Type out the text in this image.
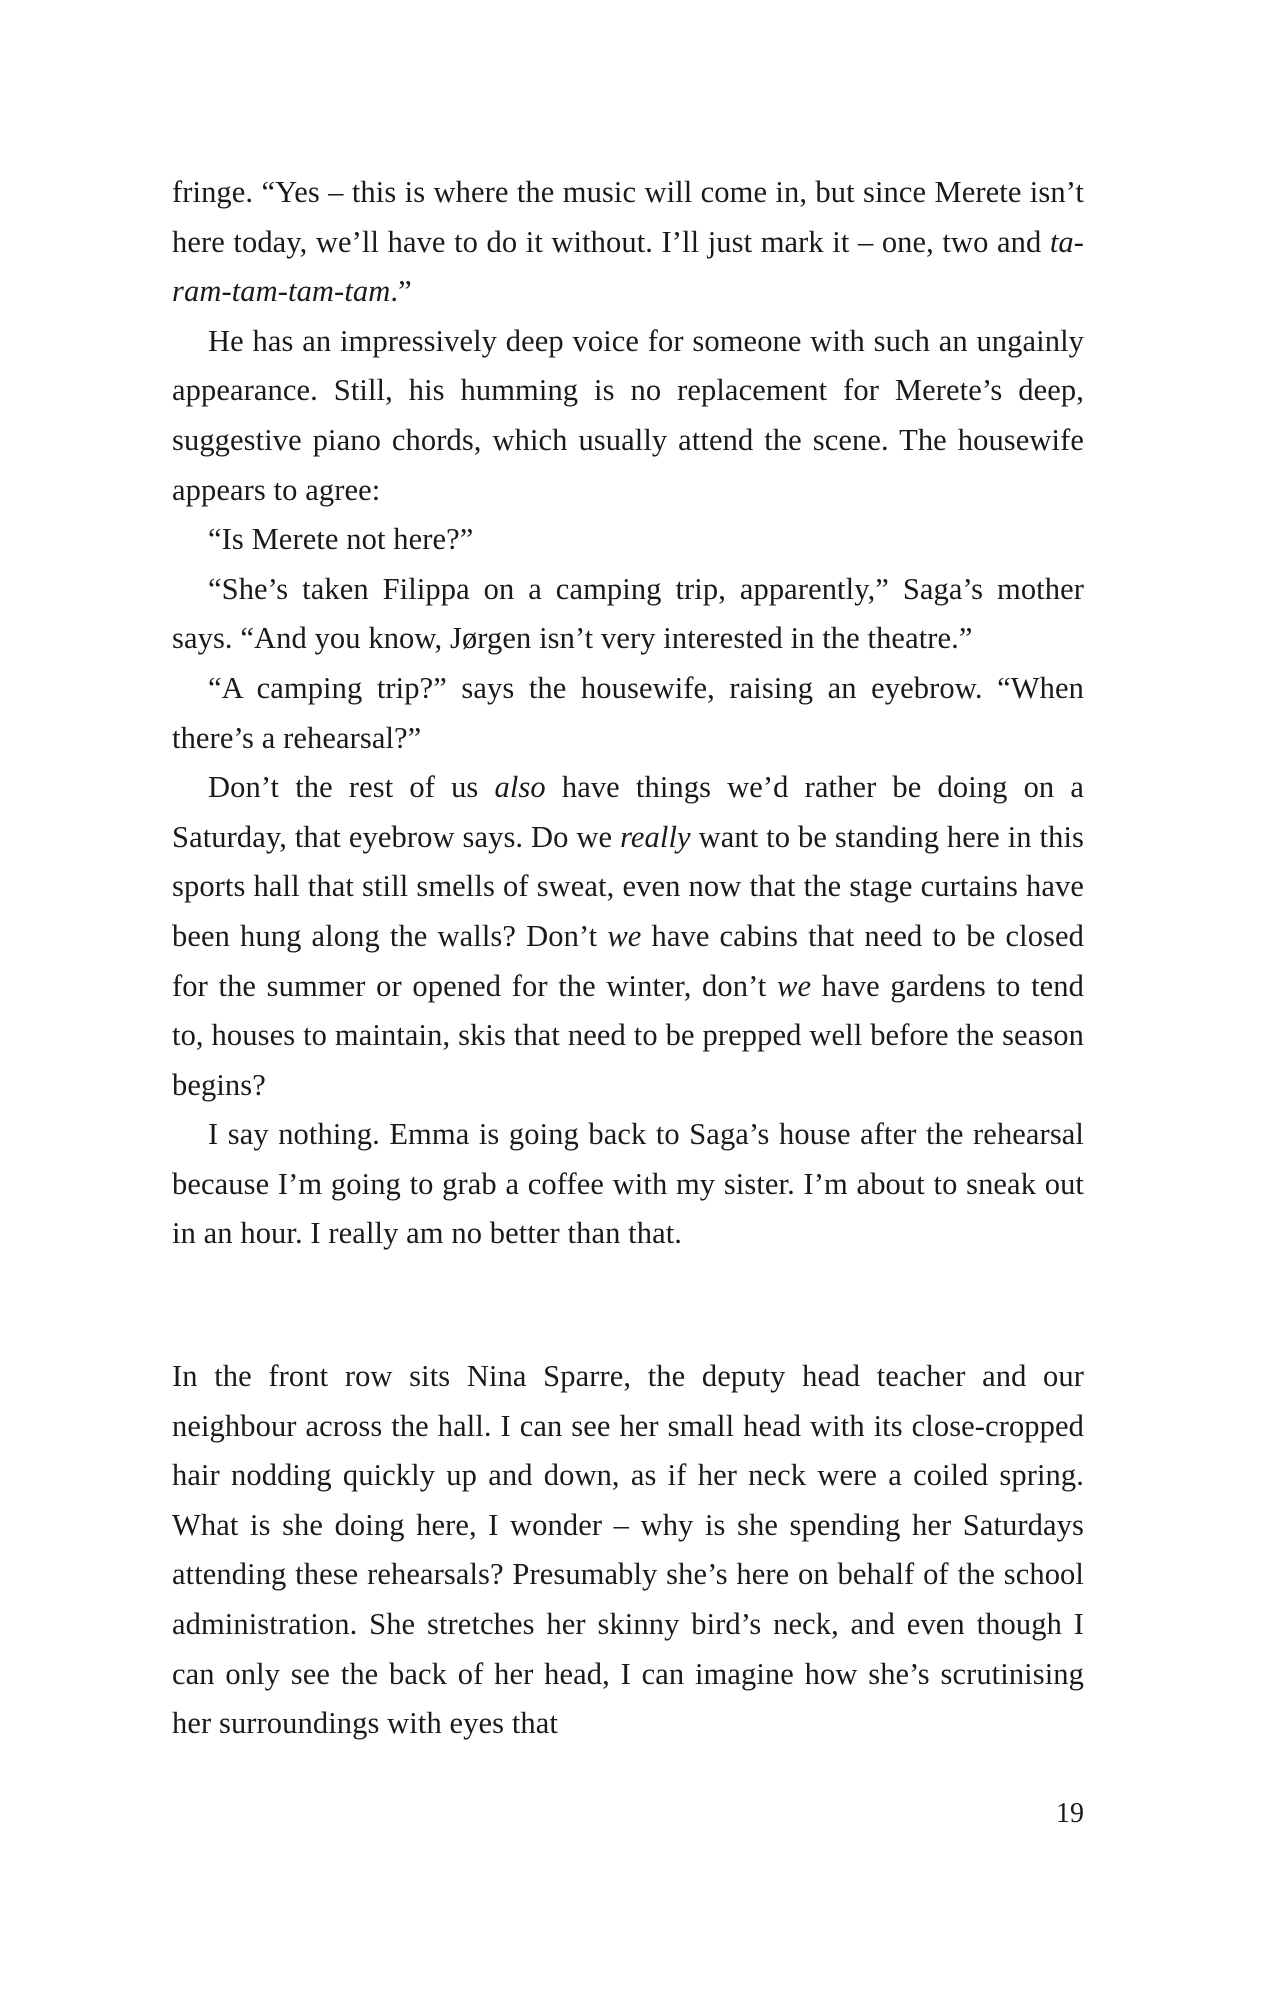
fringe. “Yes – this is where the music will come in, but since Merete isn’t here today, we’ll have to do it without. I’ll just mark it – one, two and ta-ram-tam-tam-tam.”

He has an impressively deep voice for someone with such an ungainly appearance. Still, his humming is no replacement for Merete’s deep, suggestive piano chords, which usually attend the scene. The housewife appears to agree:

“Is Merete not here?”

“She’s taken Filippa on a camping trip, apparently,” Saga’s mother says. “And you know, Jørgen isn’t very interested in the theatre.”

“A camping trip?” says the housewife, raising an eyebrow. “When there’s a rehearsal?”

Don’t the rest of us also have things we’d rather be doing on a Saturday, that eyebrow says. Do we really want to be standing here in this sports hall that still smells of sweat, even now that the stage curtains have been hung along the walls? Don’t we have cabins that need to be closed for the summer or opened for the winter, don’t we have gardens to tend to, houses to maintain, skis that need to be prepped well before the season begins?

I say nothing. Emma is going back to Saga’s house after the rehearsal because I’m going to grab a coffee with my sister. I’m about to sneak out in an hour. I really am no better than that.

In the front row sits Nina Sparre, the deputy head teacher and our neighbour across the hall. I can see her small head with its close-cropped hair nodding quickly up and down, as if her neck were a coiled spring. What is she doing here, I wonder – why is she spending her Saturdays attending these rehearsals? Presumably she’s here on behalf of the school administration. She stretches her skinny bird’s neck, and even though I can only see the back of her head, I can imagine how she’s scrutinising her surroundings with eyes that

19
